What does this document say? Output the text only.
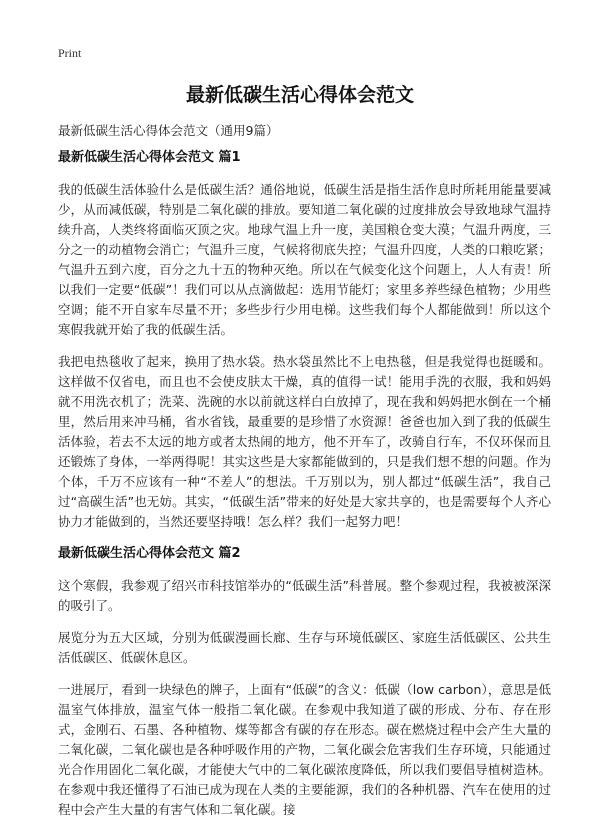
Print
最新低碳生活心得体会范文
最新低碳生活心得体会范文（通用9篇）
最新低碳生活心得体会范文 篇1

我的低碳生活体验什么是低碳生活？通俗地说，低碳生活是指生活作息时所耗用能量要减少，从而减低碳，特别是二氧化碳的排放。要知道二氧化碳的过度排放会导致地球气温持续升高，人类终将面临灭顶之灾。地球气温上升一度，美国粮仓变大漠；气温升两度，三分之一的动植物会消亡；气温升三度，气候将彻底失控；气温升四度，人类的口粮吃紧；气温升五到六度，百分之九十五的物种灭绝。所以在气候变化这个问题上，人人有责！所以我们一定要“低碳”！我们可以从点滴做起：选用节能灯；家里多养些绿色植物；少用些空调；能不开自家车尽量不开；多些步行少用电梯。这些我们每个人都能做到！所以这个寒假我就开始了我的低碳生活。

我把电热毯收了起来，换用了热水袋。热水袋虽然比不上电热毯，但是我觉得也挺暖和。这样做不仅省电，而且也不会使皮肤太干燥，真的值得一试！能用手洗的衣服，我和妈妈就不用洗衣机了；洗菜、洗碗的水以前就这样白白放掉了，现在我和妈妈把水倒在一个桶里，然后用来冲马桶，省水省钱，最重要的是珍惜了水资源！爸爸也加入到了我的低碳生活体验，若去不太远的地方或者太热闹的地方，他不开车了，改骑自行车，不仅环保而且还锻炼了身体，一举两得呢！其实这些是大家都能做到的，只是我们想不想的问题。作为个体，千万不应该有一种“不差人”的想法。千万别以为，别人都过“低碳生活”，我自己过“高碳生活”也无妨。其实，“低碳生活”带来的好处是大家共享的，也是需要每个人齐心协力才能做到的，当然还要坚持哦！怎么样？我们一起努力吧！

最新低碳生活心得体会范文 篇2

这个寒假，我参观了绍兴市科技馆举办的“低碳生活”科普展。整个参观过程，我被被深深的吸引了。

展览分为五大区域，分别为低碳漫画长廊、生存与环境低碳区、家庭生活低碳区、公共生活低碳区、低碳休息区。

一进展厅，看到一块绿色的牌子，上面有“低碳”的含义：低碳（low carbon），意思是低温室气体排放，温室气体一般指二氧化碳。在参观中我知道了碳的形成、分布、存在形式，金刚石、石墨、各种植物、煤等都含有碳的存在形态。碳在燃烧过程中会产生大量的二氧化碳，二氧化碳也是各种呼吸作用的产物，二氧化碳会危害我们生存环境，只能通过光合作用固化二氧化碳，才能使大气中的二氧化碳浓度降低，所以我们要倡导植树造林。在参观中我还懂得了石油已成为现在人类的主要能源，我们的各种机器、汽车在使用的过程中会产生大量的有害气体和二氧化碳。接
